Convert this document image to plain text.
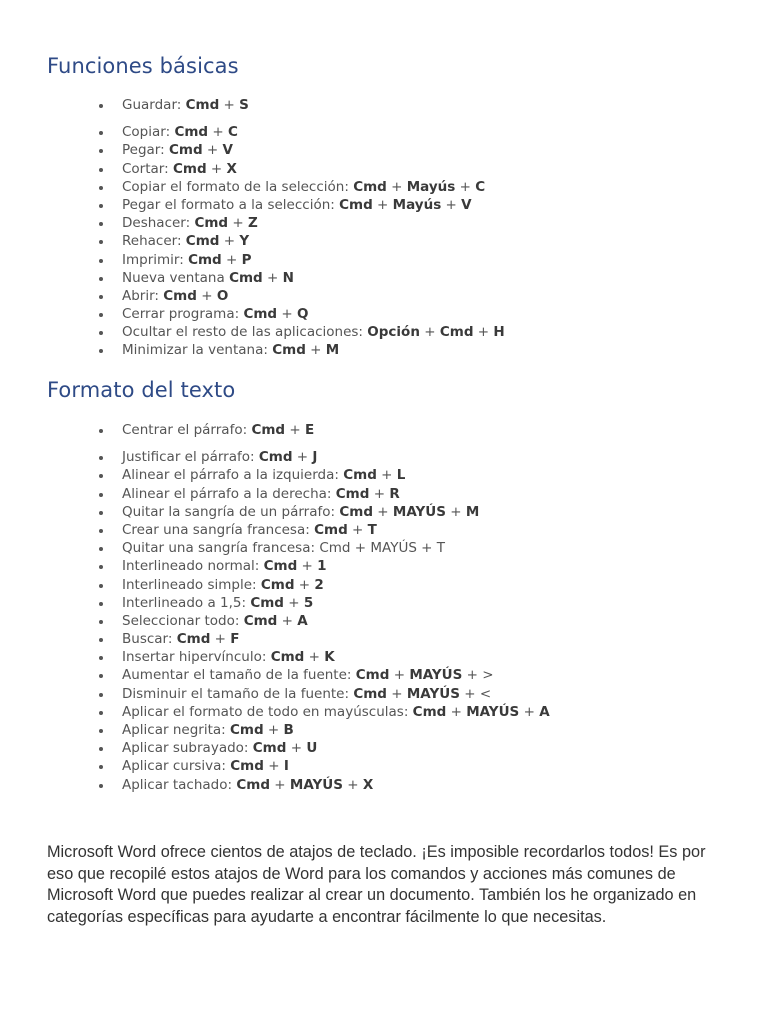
Funciones básicas
Guardar: Cmd + S
Copiar: Cmd + C
Pegar: Cmd + V
Cortar: Cmd + X
Copiar el formato de la selección: Cmd + Mayús + C
Pegar el formato a la selección: Cmd + Mayús + V
Deshacer: Cmd + Z
Rehacer: Cmd + Y
Imprimir: Cmd + P
Nueva ventana Cmd + N
Abrir: Cmd + O
Cerrar programa: Cmd + Q
Ocultar el resto de las aplicaciones: Opción + Cmd + H
Minimizar la ventana: Cmd + M
Formato del texto
Centrar el párrafo: Cmd + E
Justificar el párrafo: Cmd + J
Alinear el párrafo a la izquierda: Cmd + L
Alinear el párrafo a la derecha: Cmd + R
Quitar la sangría de un párrafo: Cmd + MAYÚS + M
Crear una sangría francesa: Cmd + T
Quitar una sangría francesa: Cmd + MAYÚS + T
Interlineado normal: Cmd + 1
Interlineado simple: Cmd + 2
Interlineado a 1,5: Cmd + 5
Seleccionar todo: Cmd + A
Buscar: Cmd + F
Insertar hipervínculo: Cmd + K
Aumentar el tamaño de la fuente: Cmd + MAYÚS + >
Disminuir el tamaño de la fuente: Cmd + MAYÚS + <
Aplicar el formato de todo en mayúsculas: Cmd + MAYÚS + A
Aplicar negrita: Cmd + B
Aplicar subrayado: Cmd + U
Aplicar cursiva: Cmd + I
Aplicar tachado: Cmd + MAYÚS + X

Microsoft Word ofrece cientos de atajos de teclado. ¡Es imposible recordarlos todos! Es por eso que recopilé estos atajos de Word para los comandos y acciones más comunes de Microsoft Word que puedes realizar al crear un documento. También los he organizado en categorías específicas para ayudarte a encontrar fácilmente lo que necesitas.
